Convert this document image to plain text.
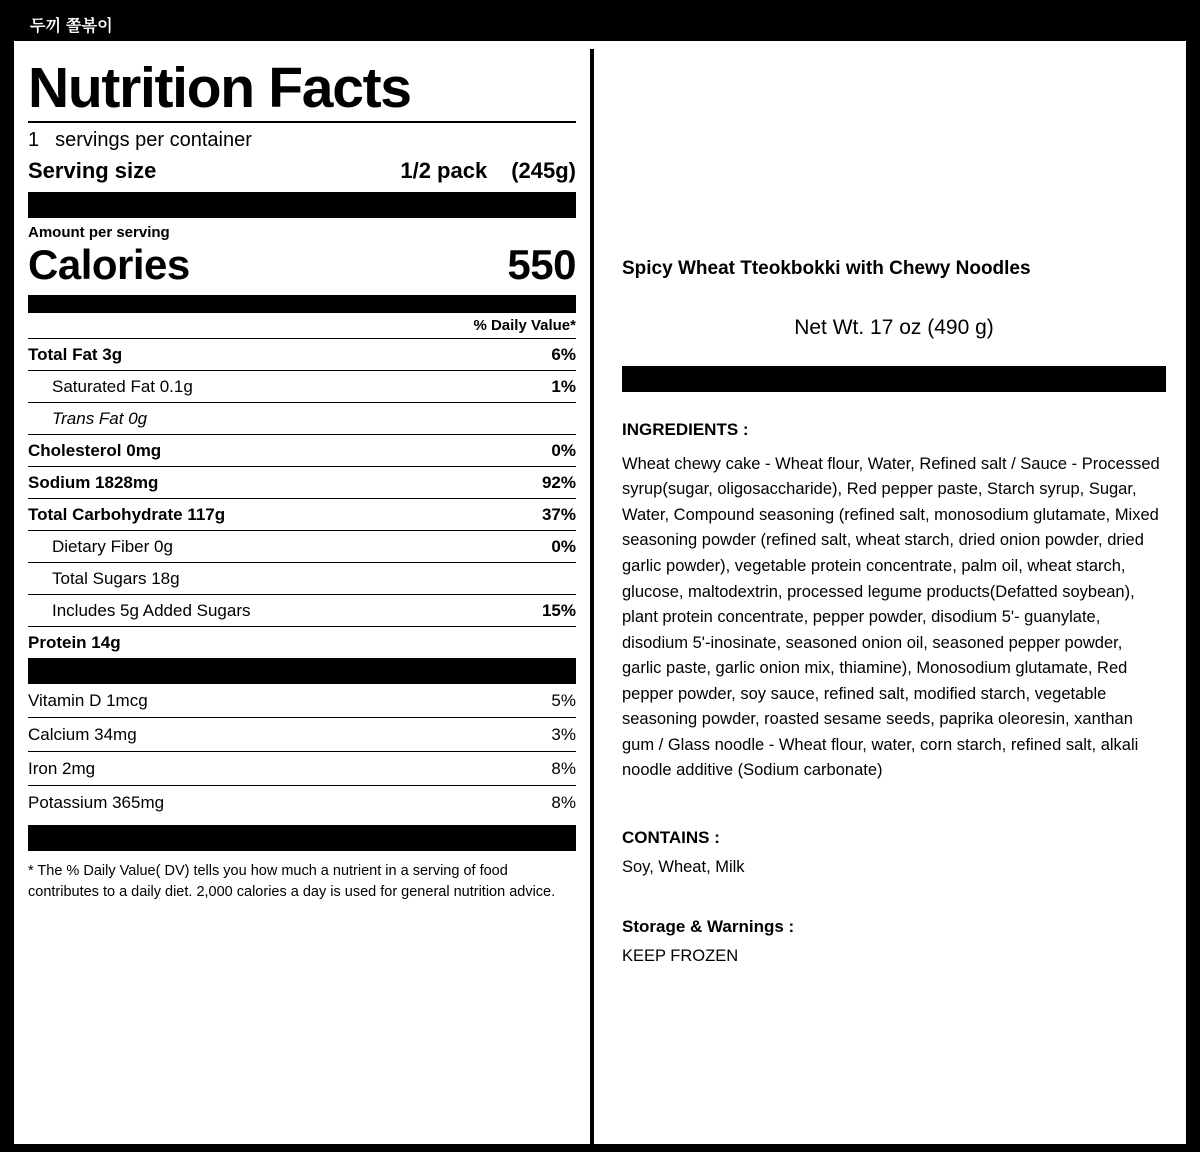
두끼 쫄볶이
Nutrition Facts
1 servings per container
Serving size	1/2 pack (245g)
Amount per serving
Calories	550
% Daily Value*
Total Fat 3g	6%
Saturated Fat 0.1g	1%
Trans Fat 0g
Cholesterol 0mg	0%
Sodium 1828mg	92%
Total Carbohydrate 117g	37%
Dietary Fiber 0g	0%
Total Sugars 18g
Includes 5g Added Sugars	15%
Protein 14g
Vitamin D 1mcg	5%
Calcium 34mg	3%
Iron 2mg	8%
Potassium 365mg	8%
* The % Daily Value( DV) tells you how much a nutrient in a serving of food contributes to a daily diet. 2,000 calories a day is used for general nutrition advice.
Spicy Wheat Tteokbokki with Chewy Noodles
Net Wt. 17 oz (490 g)
INGREDIENTS :
Wheat chewy cake - Wheat flour, Water, Refined salt / Sauce - Processed syrup(sugar, oligosaccharide), Red pepper paste, Starch syrup, Sugar, Water, Compound seasoning (refined salt, monosodium glutamate, Mixed seasoning powder (refined salt, wheat starch, dried onion powder, dried garlic powder), vegetable protein concentrate, palm oil, wheat starch, glucose, maltodextrin, processed legume products(Defatted soybean), plant protein concentrate, pepper powder, disodium 5'- guanylate, disodium 5'-inosinate, seasoned onion oil, seasoned pepper powder, garlic paste, garlic onion mix, thiamine), Monosodium glutamate, Red pepper powder, soy sauce, refined salt, modified starch, vegetable seasoning powder, roasted sesame seeds, paprika oleoresin, xanthan gum / Glass noodle - Wheat flour, water, corn starch, refined salt, alkali noodle additive (Sodium carbonate)
CONTAINS :
Soy, Wheat, Milk
Storage & Warnings :
KEEP FROZEN
